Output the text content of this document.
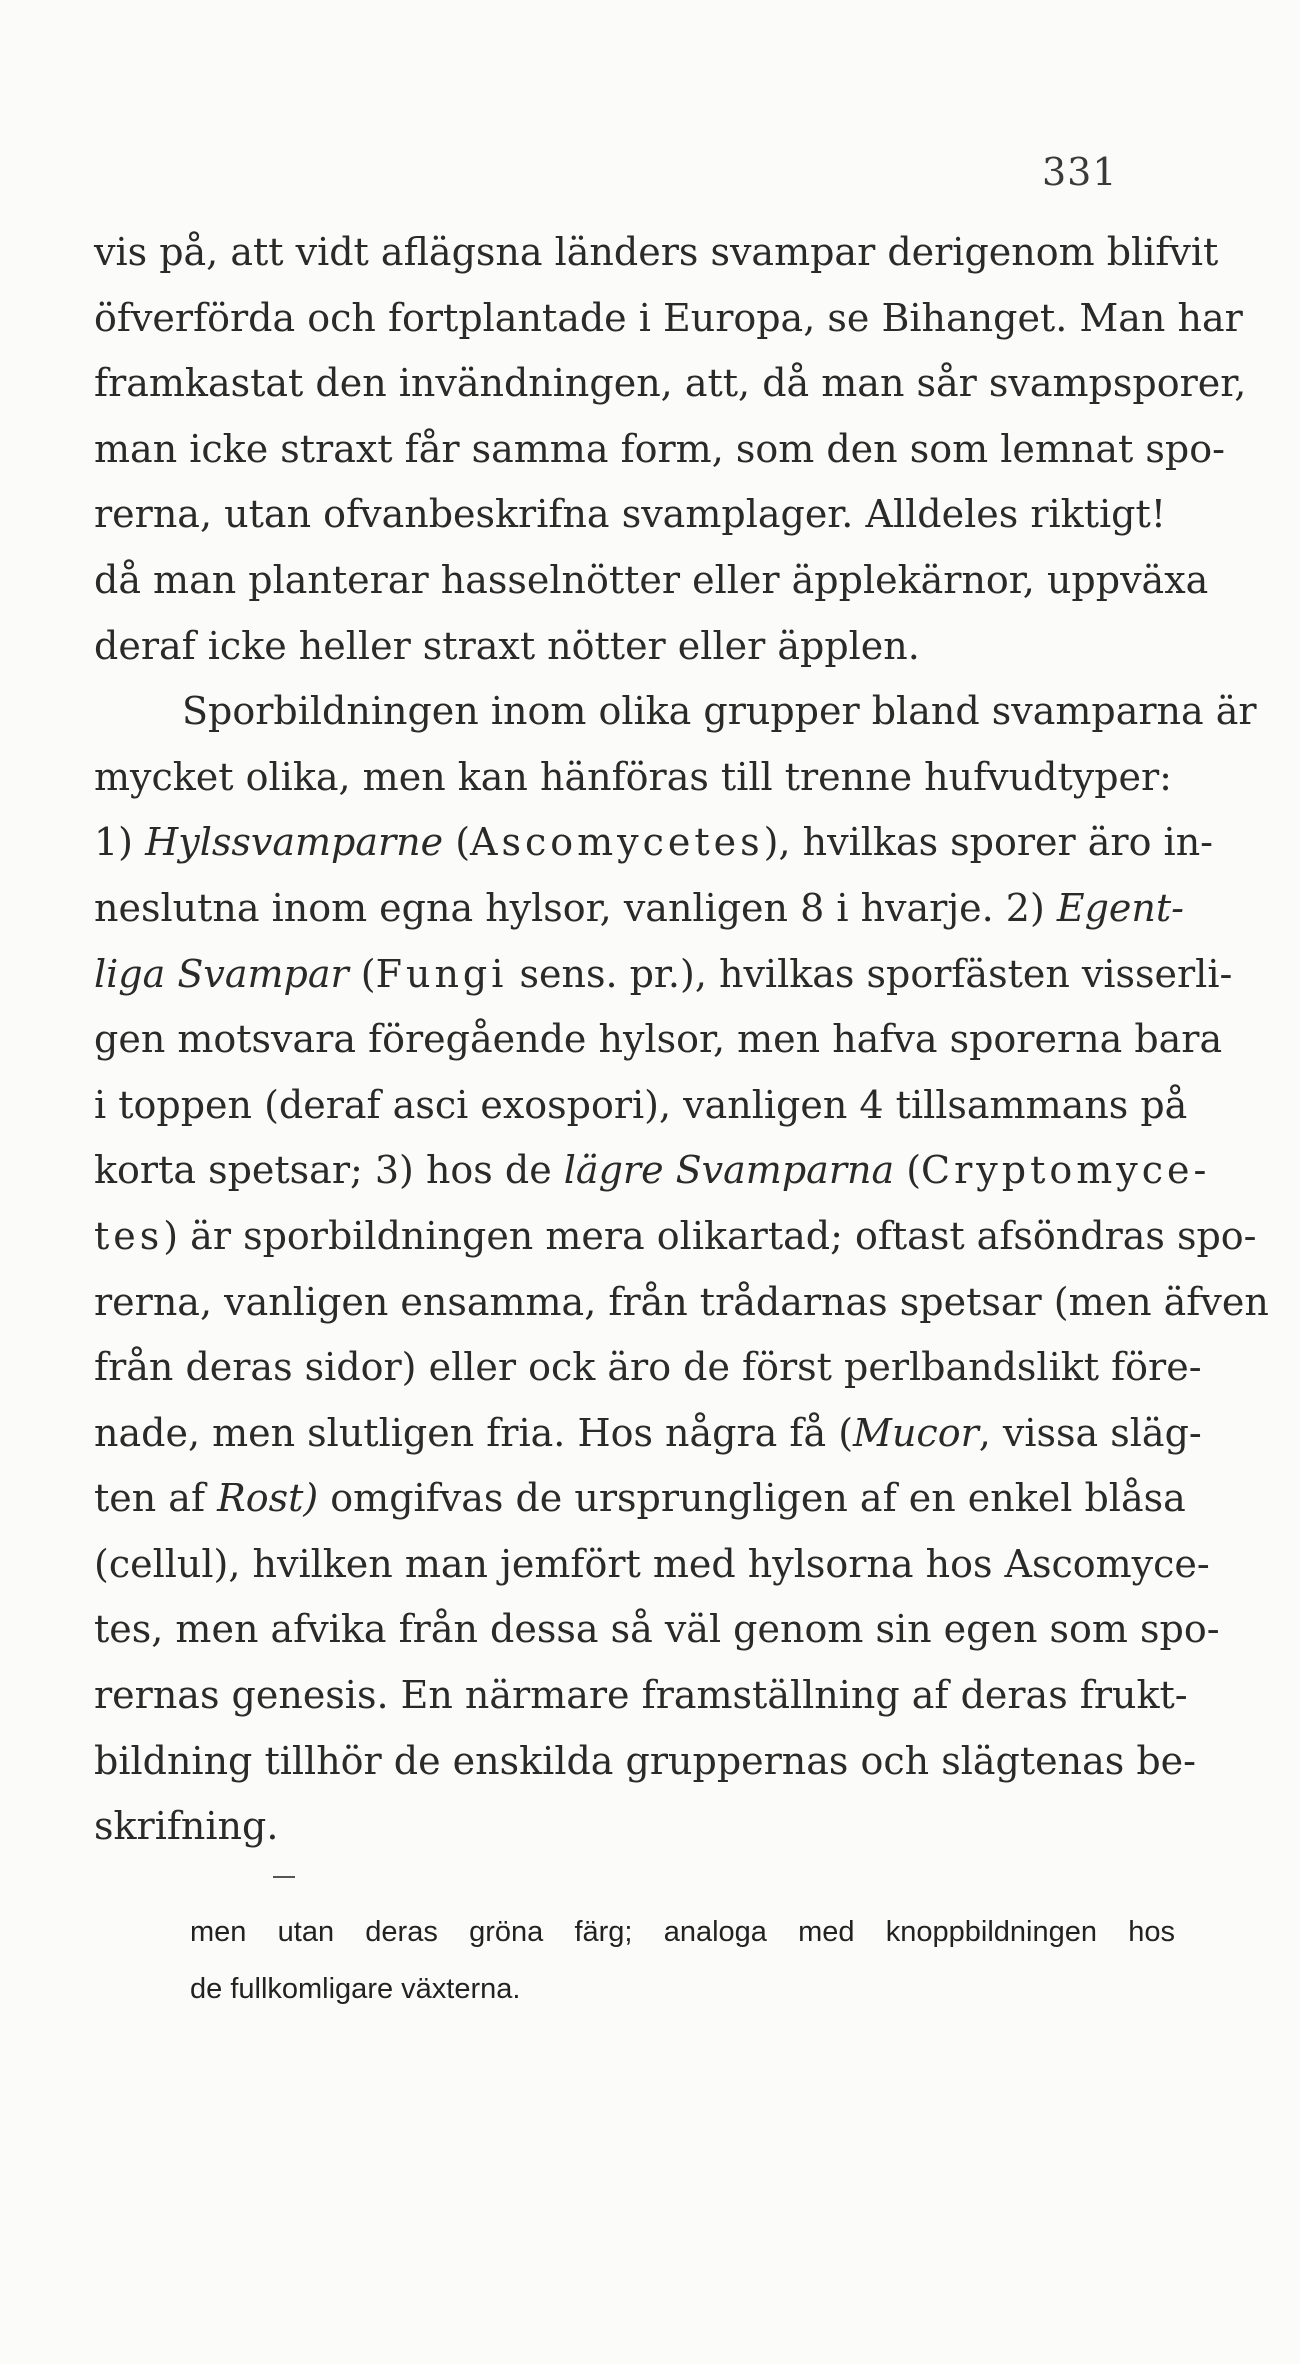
331
vis på, att vidt aflägsna länders svampar derigenom blifvit
öfverförda och fortplantade i Europa, se Bihanget. Man har
framkastat den invändningen, att, då man sår svampsporer,
man icke straxt får samma form, som den som lemnat spo-
rerna, utan ofvanbeskrifna svamplager. Alldeles riktigt!
då man planterar hasselnötter eller äpplekärnor, uppväxa
deraf icke heller straxt nötter eller äpplen.
Sporbildningen inom olika grupper bland svamparna är
mycket olika, men kan hänföras till trenne hufvudtyper:
1) Hylssvamparne (Ascomycetes), hvilkas sporer äro in-
neslutna inom egna hylsor, vanligen 8 i hvarje. 2) Egent-
liga Svampar (Fungi sens. pr.), hvilkas sporfästen visserli-
gen motsvara föregående hylsor, men hafva sporerna bara
i toppen (deraf asci exospori), vanligen 4 tillsammans på
korta spetsar; 3) hos de lägre Svamparna (Cryptomyce-
tes) är sporbildningen mera olikartad; oftast afsöndras spo-
rerna, vanligen ensamma, från trådarnas spetsar (men äfven
från deras sidor) eller ock äro de först perlbandslikt före-
nade, men slutligen fria. Hos några få (Mucor, vissa släg-
ten af Rost) omgifvas de ursprungligen af en enkel blåsa
(cellul), hvilken man jemfört med hylsorna hos Ascomyce-
tes, men afvika från dessa så väl genom sin egen som spo-
rernas genesis. En närmare framställning af deras frukt-
bildning tillhör de enskilda gruppernas och slägtenas be-
skrifning.
men utan deras gröna färg; analoga med knoppbildningen hos
de fullkomligare växterna.
